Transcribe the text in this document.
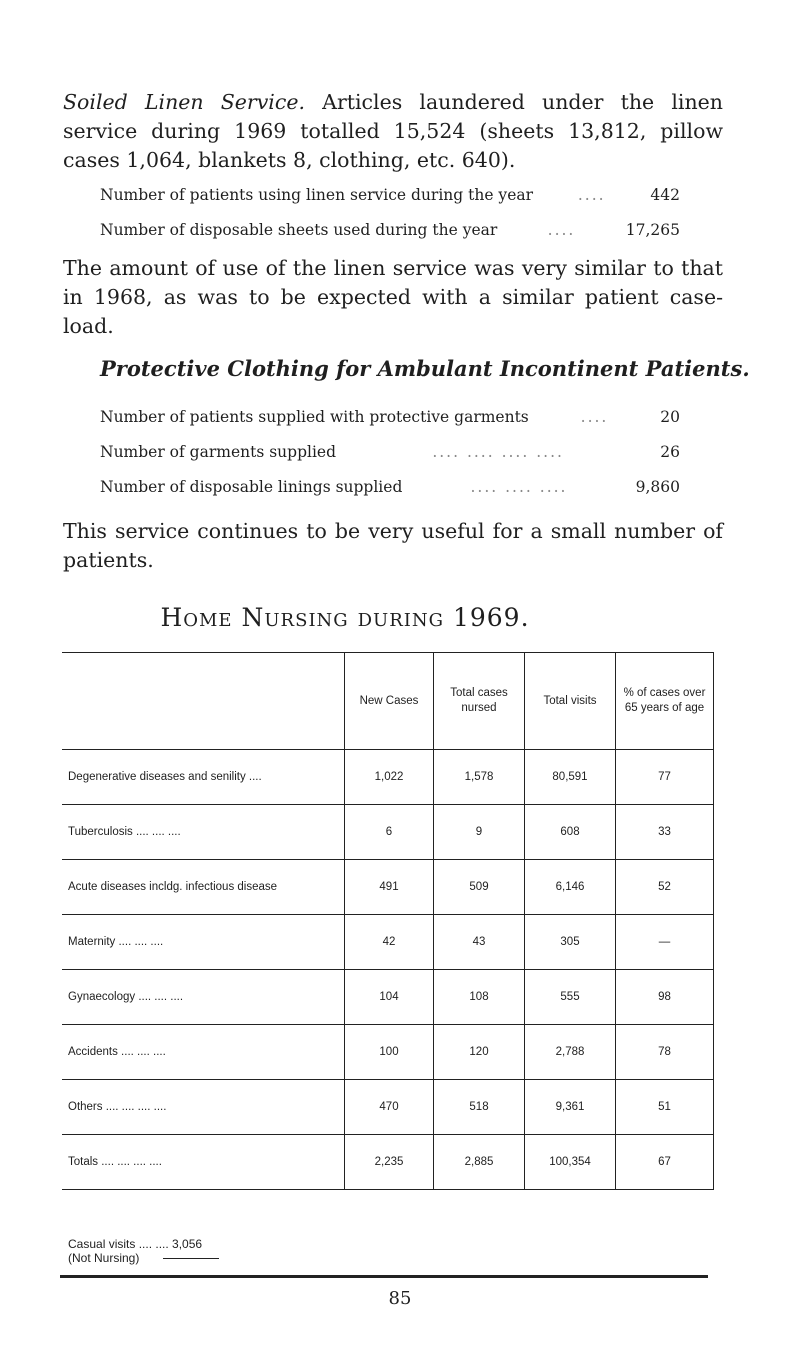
Soiled Linen Service. Articles laundered under the linen service during 1969 totalled 15,524 (sheets 13,812, pillow cases 1,064, blankets 8, clothing, etc. 640).

Number of patients using linen service during the year	....	442
Number of disposable sheets used during the year	....	17,265

The amount of use of the linen service was very similar to that in 1968, as was to be expected with a similar patient case-load.

Protective Clothing for Ambulant Incontinent Patients.

Number of patients supplied with protective garments	....	20
Number of garments supplied	.... .... .... ....	26
Number of disposable linings supplied	.... .... ....	9,860

This service continues to be very useful for a small number of patients.

Home Nursing during 1969.

	New Cases	Total cases nursed	Total visits	% of cases over 65 years of age
Degenerative diseases and senility ....	1,022	1,578	80,591	77
Tuberculosis .... .... ....	6	9	608	33
Acute diseases incldg. infectious disease	491	509	6,146	52
Maternity .... .... ....	42	43	305	—
Gynaecology .... .... ....	104	108	555	98
Accidents .... .... ....	100	120	2,788	78
Others .... .... .... ....	470	518	9,361	51
Totals .... .... .... ....	2,235	2,885	100,354	67
Casual visits .... .... 3,056
(Not Nursing)
85
